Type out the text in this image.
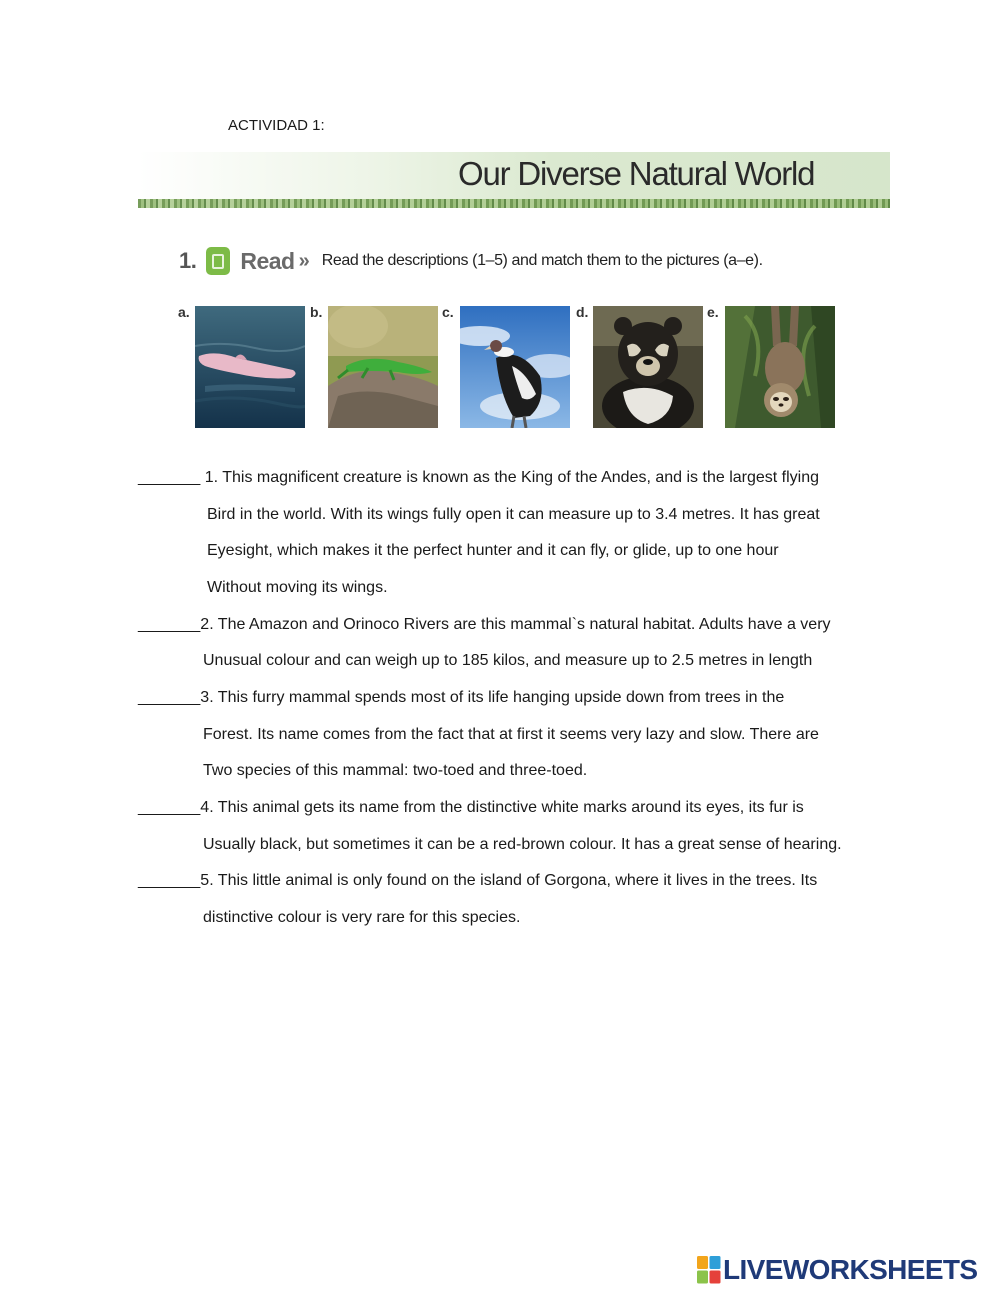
ACTIVIDAD 1:
Our Diverse Natural World
1. Read » Read the descriptions (1–5) and match them to the pictures (a–e).
a.	b.	c.	d.	e.
_______ 1. This magnificent creature is known as the King of the Andes, and is the largest flying
Bird in the world. With its wings fully open it can measure up to 3.4 metres. It has great
Eyesight, which makes it the perfect hunter and it can fly, or glide, up to one hour
Without moving its wings.
_______2. The Amazon and Orinoco Rivers are this mammal`s natural habitat. Adults have a very
Unusual colour and can weigh up to 185 kilos, and measure up to 2.5 metres in length
_______3. This furry mammal spends most of its life hanging upside down from trees in the
Forest. Its name comes from the fact that at first it seems very lazy and slow. There are
Two species of this mammal: two-toed and three-toed.
_______4. This animal gets its name from the distinctive white marks around its eyes, its fur is
Usually black, but sometimes it can be a red-brown colour. It has a great sense of hearing.
_______5. This little animal is only found on the island of Gorgona, where it lives in the trees. Its
distinctive colour is very rare for this species.
LIVEWORKSHEETS
